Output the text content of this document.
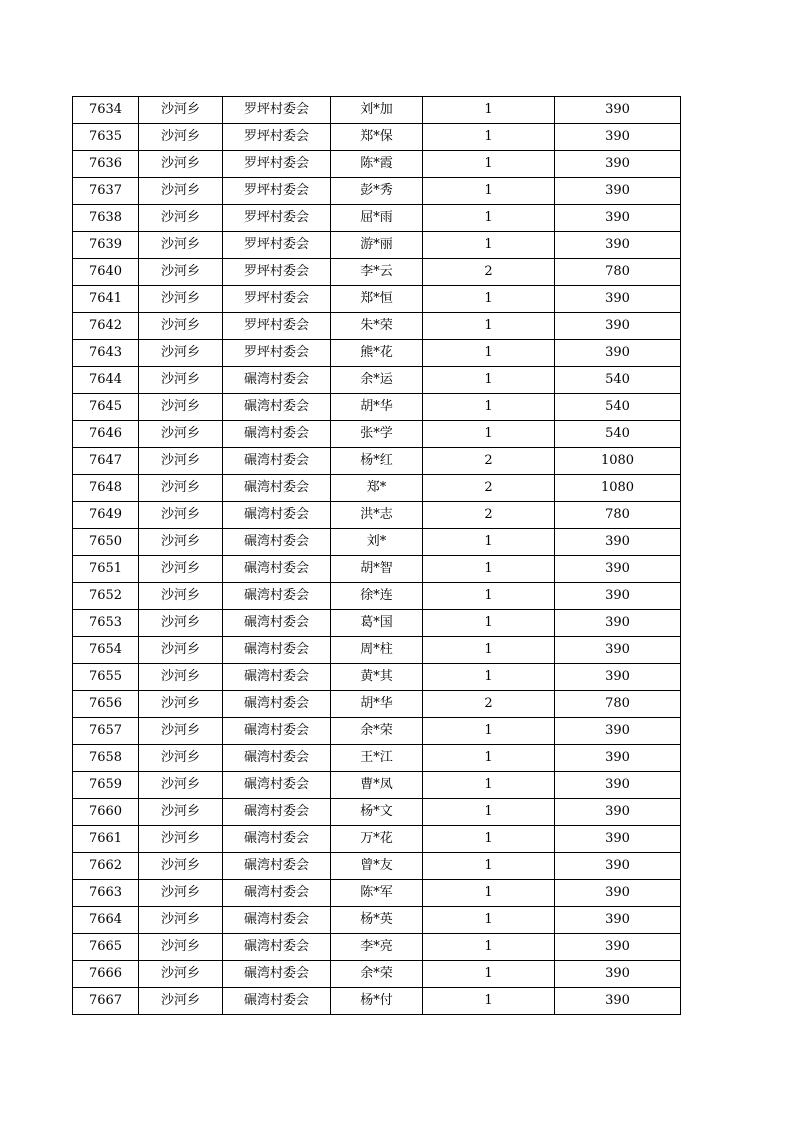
7634	沙河乡	罗坪村委会	刘*加	1	390
7635	沙河乡	罗坪村委会	郑*保	1	390
7636	沙河乡	罗坪村委会	陈*霞	1	390
7637	沙河乡	罗坪村委会	彭*秀	1	390
7638	沙河乡	罗坪村委会	屈*雨	1	390
7639	沙河乡	罗坪村委会	游*丽	1	390
7640	沙河乡	罗坪村委会	李*云	2	780
7641	沙河乡	罗坪村委会	郑*恒	1	390
7642	沙河乡	罗坪村委会	朱*荣	1	390
7643	沙河乡	罗坪村委会	熊*花	1	390
7644	沙河乡	碾湾村委会	余*运	1	540
7645	沙河乡	碾湾村委会	胡*华	1	540
7646	沙河乡	碾湾村委会	张*学	1	540
7647	沙河乡	碾湾村委会	杨*红	2	1080
7648	沙河乡	碾湾村委会	郑*	2	1080
7649	沙河乡	碾湾村委会	洪*志	2	780
7650	沙河乡	碾湾村委会	刘*	1	390
7651	沙河乡	碾湾村委会	胡*智	1	390
7652	沙河乡	碾湾村委会	徐*连	1	390
7653	沙河乡	碾湾村委会	葛*国	1	390
7654	沙河乡	碾湾村委会	周*柱	1	390
7655	沙河乡	碾湾村委会	黄*其	1	390
7656	沙河乡	碾湾村委会	胡*华	2	780
7657	沙河乡	碾湾村委会	余*荣	1	390
7658	沙河乡	碾湾村委会	王*江	1	390
7659	沙河乡	碾湾村委会	曹*凤	1	390
7660	沙河乡	碾湾村委会	杨*文	1	390
7661	沙河乡	碾湾村委会	万*花	1	390
7662	沙河乡	碾湾村委会	曾*友	1	390
7663	沙河乡	碾湾村委会	陈*军	1	390
7664	沙河乡	碾湾村委会	杨*英	1	390
7665	沙河乡	碾湾村委会	李*亮	1	390
7666	沙河乡	碾湾村委会	余*荣	1	390
7667	沙河乡	碾湾村委会	杨*付	1	390
